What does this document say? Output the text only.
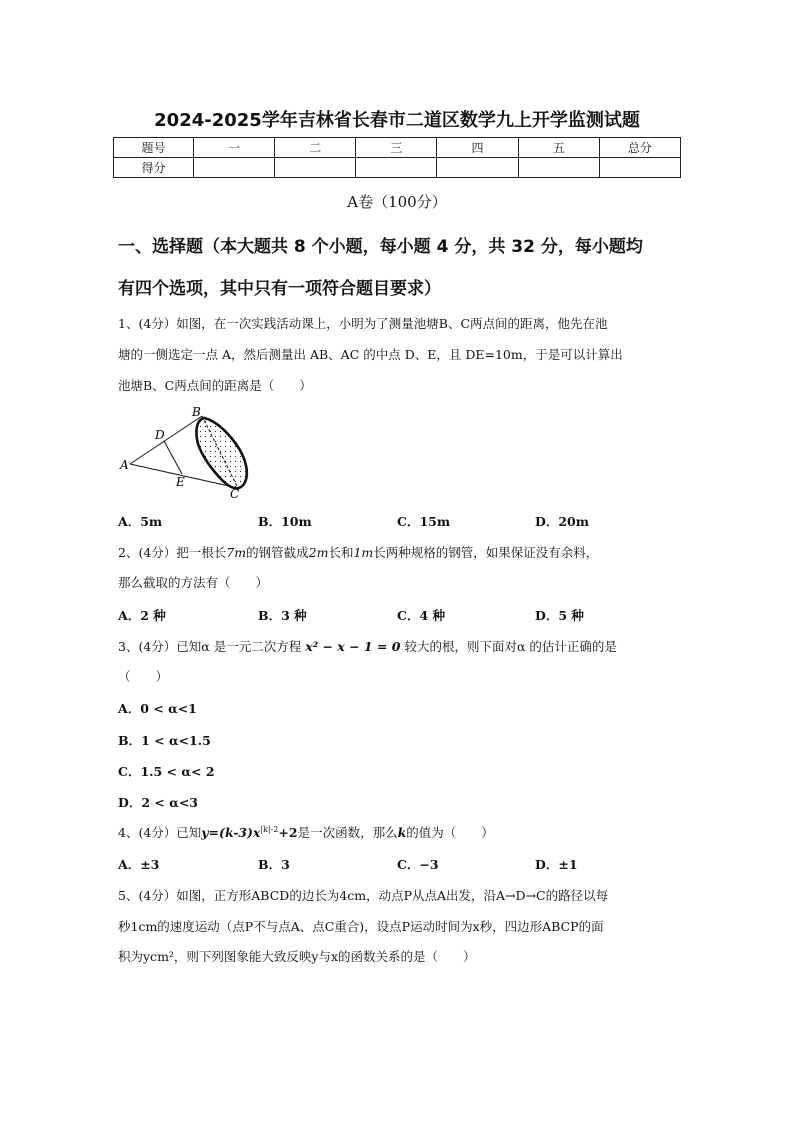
2024-2025学年吉林省长春市二道区数学九上开学监测试题
题号	一	二	三	四	五	总分
得分						
A卷（100分）
一、选择题（本大题共 8 个小题，每小题 4 分，共 32 分，每小题均
有四个选项，其中只有一项符合题目要求）
1、(4分）如图，在一次实践活动课上，小明为了测量池塘B、C两点间的距离，他先在池
塘的一侧选定一点 A，然后测量出 AB、AC 的中点 D、E，且 DE=10m，于是可以计算出
池塘B、C两点间的距离是（　　）
B
D
A
E
C
A．5m	B．10m	C．15m	D．20m
2、(4分）把一根长7m的钢管截成2m长和1m长两种规格的钢管，如果保证没有余料，
那么截取的方法有（　　）
A．2 种	B．3 种	C．4 种	D．5 种
3、(4分）已知α 是一元二次方程 x² − x − 1 = 0 较大的根，则下面对α 的估计正确的是
（　　）
A．0 < α<1
B．1 < α<1.5
C．1.5 < α< 2
D．2 < α<3
4、(4分）已知$y=(k-3)x^{|k|-2}+2$是一次函数，那么k的值为（　　）
A．±3	B．3	C．−3	D．±1
5、(4分）如图，正方形ABCD的边长为4cm，动点P从点A出发，沿A→D→C的路径以每
秒1cm的速度运动（点P不与点A、点C重合)，设点P运动时间为x秒，四边形ABCP的面
积为ycm²，则下列图象能大致反映y与x的函数关系的是（　　）
